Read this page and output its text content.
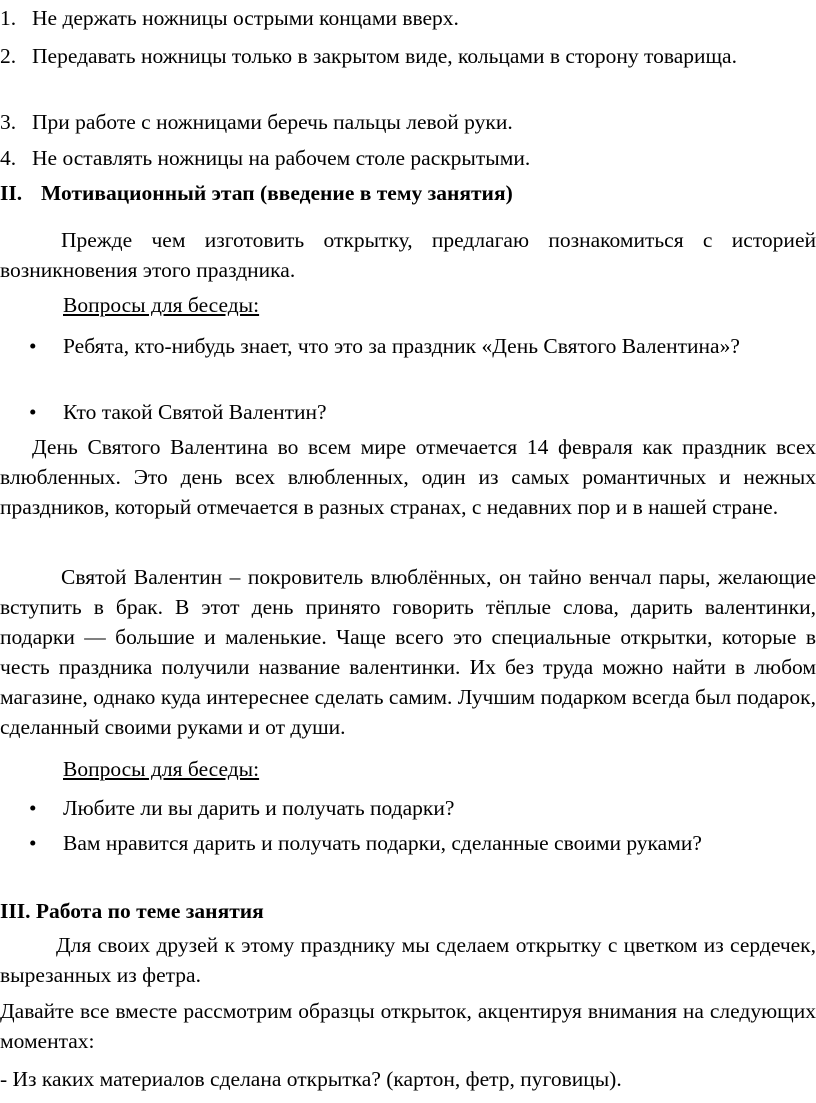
1. Не держать ножницы острыми концами вверх.
2. Передавать ножницы только в закрытом виде, кольцами в сторону товарища.
3. При работе с ножницами беречь пальцы левой руки.
4. Не оставлять ножницы на рабочем столе раскрытыми.
II. Мотивационный этап (введение в тему занятия)
Прежде чем изготовить открытку, предлагаю познакомиться с историей возникновения этого праздника.
Вопросы для беседы:
• Ребята, кто-нибудь знает, что это за праздник «День Святого Валентина»?
• Кто такой Святой Валентин?
День Святого Валентина во всем мире отмечается 14 февраля как праздник всех влюбленных. Это день всех влюбленных, один из самых романтичных и нежных праздников, который отмечается в разных странах, с недавних пор и в нашей стране.
Святой Валентин – покровитель влюблённых, он тайно венчал пары, желающие вступить в брак. В этот день принято говорить тёплые слова, дарить валентинки, подарки — большие и маленькие. Чаще всего это специальные открытки, которые в честь праздника получили название валентинки. Их без труда можно найти в любом магазине, однако куда интереснее сделать самим. Лучшим подарком всегда был подарок, сделанный своими руками и от души.
Вопросы для беседы:
• Любите ли вы дарить и получать подарки?
• Вам нравится дарить и получать подарки, сделанные своими руками?
III. Работа по теме занятия
Для своих друзей к этому празднику мы сделаем открытку с цветком из сердечек, вырезанных из фетра.
Давайте все вместе рассмотрим образцы открыток, акцентируя внимания на следующих моментах:
- Из каких материалов сделана открытка? (картон, фетр, пуговицы).
